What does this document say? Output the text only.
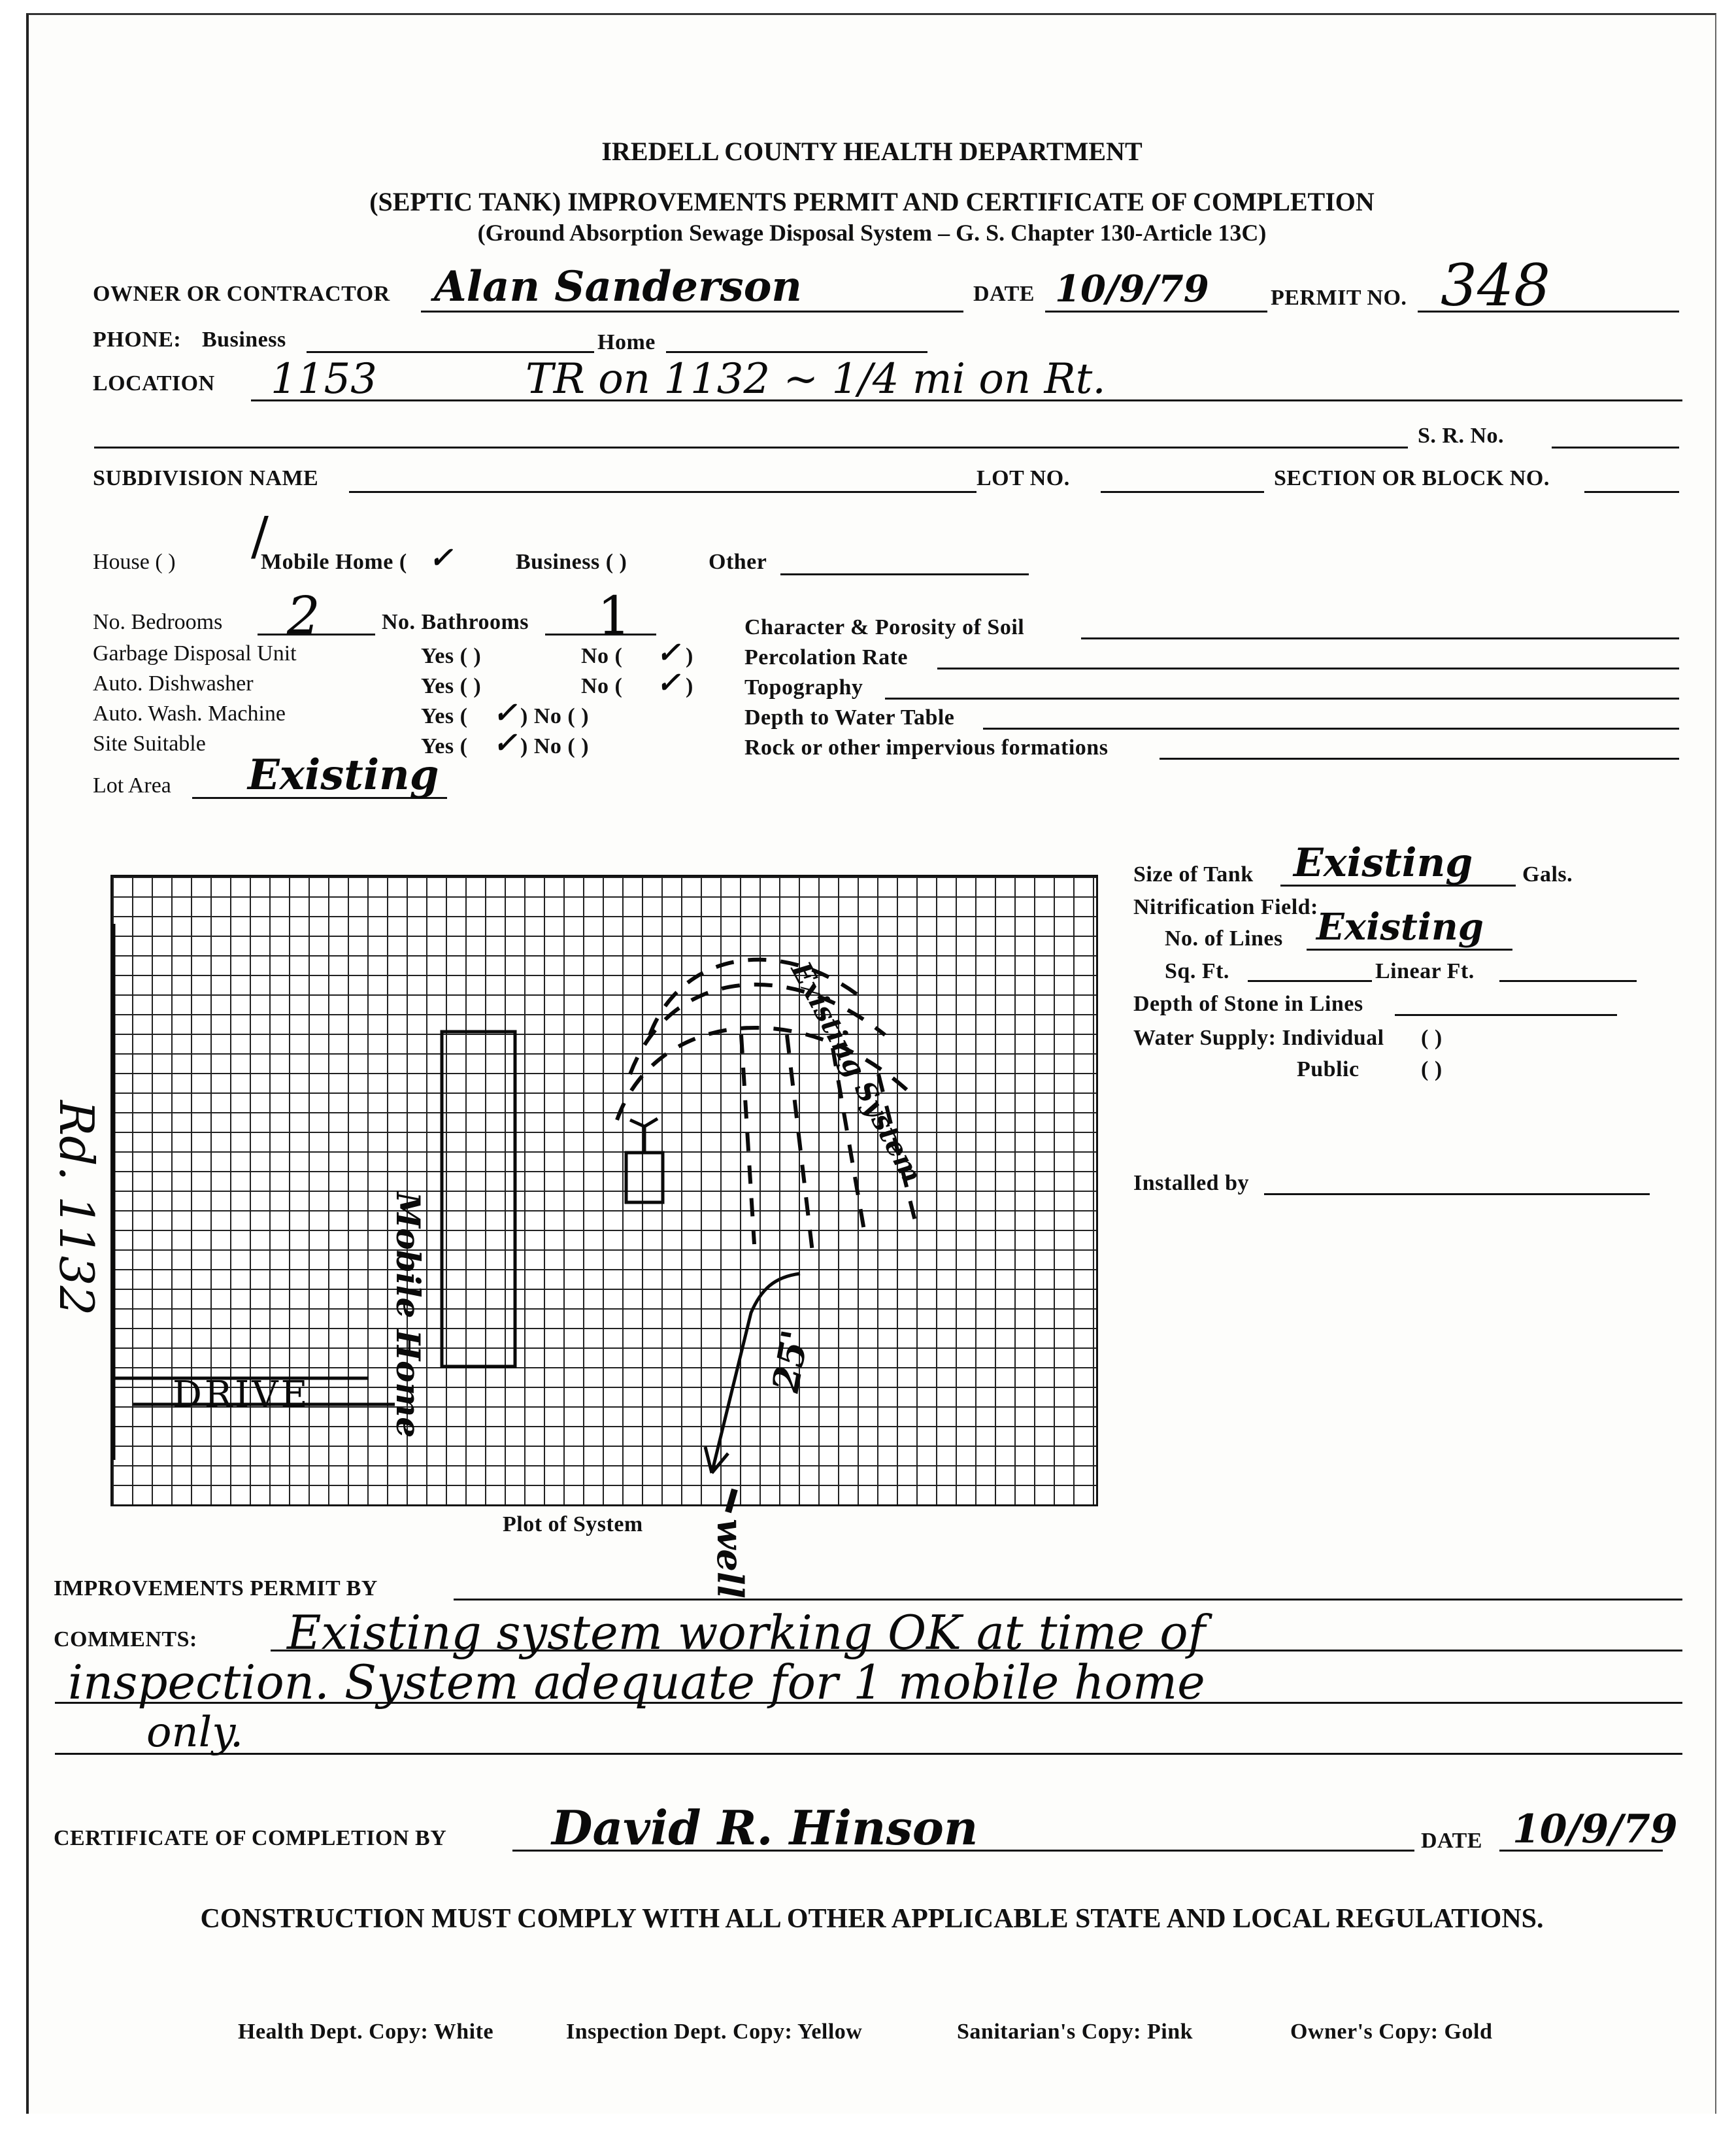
IREDELL COUNTY HEALTH DEPARTMENT
(SEPTIC TANK) IMPROVEMENTS PERMIT AND CERTIFICATE OF COMPLETION
(Ground Absorption Sewage Disposal System – G. S. Chapter 130-Article 13C)
OWNER OR CONTRACTOR Alan Sanderson	DATE 10/9/79	PERMIT NO. 348
PHONE: Business	Home
LOCATION 1153	TR on 1132 ~ 1/4 mi on Rt.
S. R. No.
SUBDIVISION NAME	LOT NO.	SECTION OR BLOCK NO.
/
House ( )	Mobile Home ( ✓	Business ( )	Other
No. Bedrooms 2	No. Bathrooms 1
Garbage Disposal Unit	Yes ( )	No ( ✓ )
Auto. Dishwasher	Yes ( )	No ( ✓ )
Auto. Wash. Machine	Yes ( ✓ ) No ( )
Site Suitable	Yes ( ✓ ) No ( )
Character & Porosity of Soil
Percolation Rate
Topography
Depth to Water Table
Rock or other impervious formations
Lot Area Existing
Size of Tank Existing Gals.
Nitrification Field:
No. of Lines Existing
Sq. Ft.	Linear Ft.
Depth of Stone in Lines
Water Supply: Individual ( )
Public	( )
Installed by
Mobile Home
Existing System
Rd. 1132
DRIVE	25'
well
Plot of System
IMPROVEMENTS PERMIT BY
COMMENTS: Existing system working OK at time of
inspection. System adequate for 1 mobile home
only.
CERTIFICATE OF COMPLETION BY David R. Hinson	DATE 10/9/79
CONSTRUCTION MUST COMPLY WITH ALL OTHER APPLICABLE STATE AND LOCAL REGULATIONS.
Health Dept. Copy: White	Inspection Dept. Copy: Yellow	Sanitarian's Copy: Pink	Owner's Copy: Gold
